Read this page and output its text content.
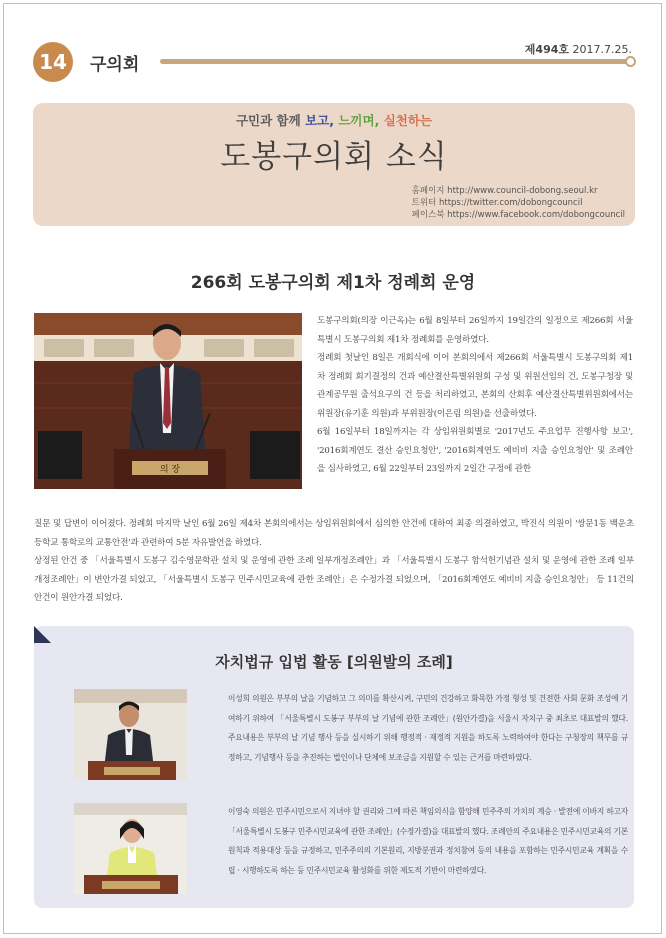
14	구의회
제494호 2017.7.25.
구민과 함께 보고, 느끼며, 실천하는
도봉구의회 소식
홈페이지 http://www.council-dobong.seoul.kr
트위터 https://twitter.com/dobongcouncil
페이스북 https://www.facebook.com/dobongcouncil
266회 도봉구의회 제1차 정례회 운영
의 장

도봉구의회(의장 이근옥)는 6월 8일부터 26일까지 19일간의 일정으로 제266회 서울특별시 도봉구의회 제1차 정례회를 운영하였다.

정례회 첫날인 8일은 개회식에 이어 본회의에서 제266회 서울특별시 도봉구의회 제1차 정례회 회기결정의 건과 예산결산특별위원회 구성 및 위원선임의 건, 도봉구청장 및 관계공무원 출석요구의 건 등을 처리하였고, 본회의 산회후 예산결산특별위원회에서는 위원장(유기훈 의원)과 부위원장(이은림 의원)을 선출하였다.

6월 16일부터 18일까지는 각 상임위원회별로 '2017년도 주요업무 진행사항 보고', '2016회계연도 결산 승인요청안', '2016회계연도 예비비 지출 승인요청안' 및 조례안을 심사하였고, 6월 22일부터 23일까지 2일간 구정에 관한

질문 및 답변이 이어졌다. 정례회 마지막 날인 6월 26일 제4차 본회의에서는 상임위원회에서 심의한 안건에 대하여 최종 의결하였고, 박진식 의원이 '쌍문1동 백운초등학교 통학로의 교통안전'과 관련하여 5분 자유발언을 하였다.

상정된 안건 중 「서울특별시 도봉구 김수영문학관 설치 및 운영에 관한 조례 일부개정조례안」과 「서울특별시 도봉구 함석헌기념관 설치 및 운영에 관한 조례 일부개정조례안」이 변안가결 되었고, 「서울특별시 도봉구 민주시민교육에 관한 조례안」은 수정가결 되었으며, 「2016회계연도 예비비 지출 승인요청안」 등 11건의 안건이 원안가결 되었다.

자치법규 입법 활동 [의원발의 조례]

이성희 의원은 부부의 날을 기념하고 그 의미를 확산시켜, 구민의 건강하고 화목한 가정 형성 및 건전한 사회 문화 조성에 기여하기 위하여 「서울특별시 도봉구 부부의 날 기념에 관한 조례안」(원안가결)을 서울시 자치구 중 최초로 대표발의 했다. 주요내용은 부부의 날 기념 행사 등을 실시하기 위해 행정적 · 재정적 지원을 하도록 노력하여야 한다는 구청장의 책무를 규정하고, 기념행사 등을 추진하는 법인이나 단체에 보조금을 지원할 수 있는 근거를 마련하였다.

이영숙 의원은 민주시민으로서 지녀야 할 권리와 그에 따른 책임의식을 함양해 민주주의 가치의 계승 · 발전에 이바지 하고자 「서울특별시 도봉구 민주시민교육에 관한 조례안」(수정가결)을 대표발의 했다. 조례안의 주요내용은 민주시민교육의 기본원칙과 적용대상 등을 규정하고, 민주주의의 기본원리, 지방분권과 정치참여 등의 내용을 포함하는 민주시민교육 계획을 수립 · 시행하도록 하는 등 민주시민교육 활성화를 위한 제도적 기반이 마련하였다.
